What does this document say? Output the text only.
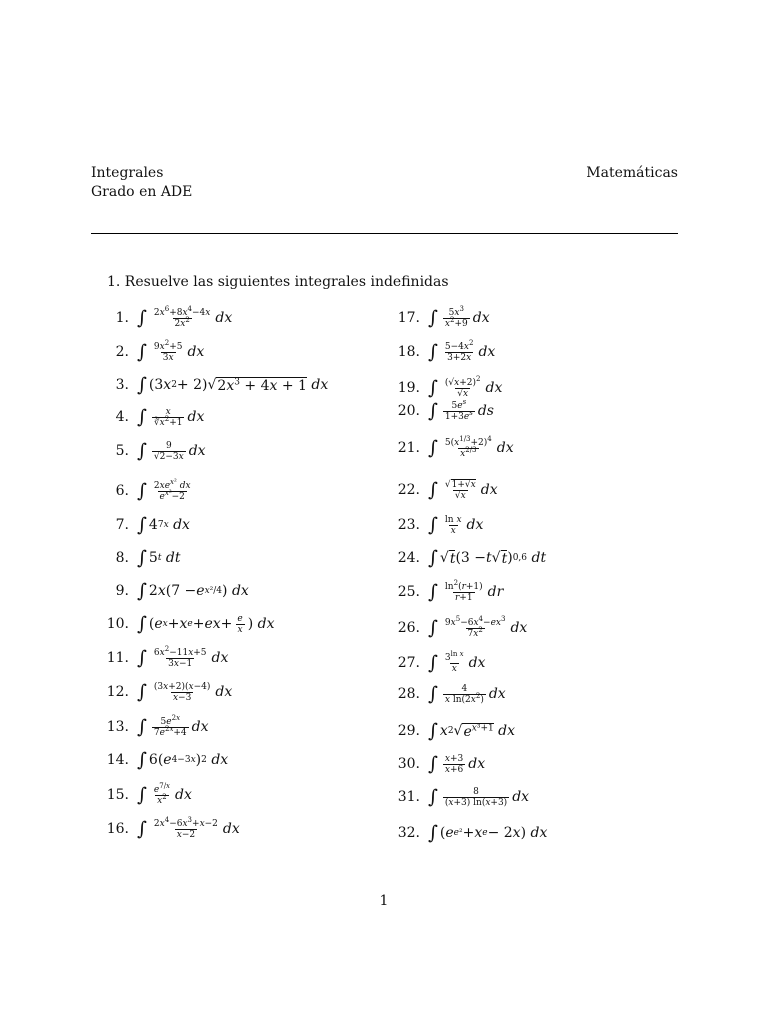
Integrales
Grado en ADE
Matemáticas
1. Resuelve las siguientes integrales indefinidas
1. ∫ $\frac{2x^6+8x^4-4x}{2x^2}$ dx
2. ∫ $\frac{9x^2+5}{3x}$ dx
3. ∫ (3 x 2 + 2)√ $2x^3 + 4x + 1$
dx
4. ∫ $\frac{x}{∛x^2+1}$ dx
5. ∫ $\frac{9}{√2-3x}$ dx
6. ∫ $\frac{2xe^{x^2} dx}{e^{x^2}-2}$
7. ∫ 4 7x
dx
8. ∫ 5 t
dt
9. ∫ 2 x (7 − e x²/4 ) dx
10. ∫ ( e x + x e + ex + $\frac{e}{x}$ ) dx
11. ∫ $\frac{6x^2-11x+5}{3x-1}$ dx
12. ∫ $\frac{(3x+2)(x-4)}{x-3}$ dx
13. ∫ $\frac{5e^{2x}}{7e^{2x}+4}$ dx
14. ∫ 6( e 4−3x ) 2
dx
15. ∫ $\frac{e^{7/x}}{x^2}$ dx
16. ∫ $\frac{2x^4-6x^3+x-2}{x-2}$ dx
17. ∫ $\frac{5x^3}{x^2+9}$ dx
18. ∫ $\frac{5-4x^2}{3+2x}$ dx
19. ∫ $\frac{(√x+2)^2}{√x}$ dx
20. ∫ $\frac{5e^s}{1+3e^s}$ ds
21. ∫ $\frac{5(x^{1/3}+2)^4}{x^{2/3}}$ dx
22. ∫ $\frac{√1+√x}{√x}$ dx
23. ∫ $\frac{\text{ln x}}{x}$ dx
24. ∫ √ t (3 − t √ t ) 0,6
dt
25. ∫ $\frac{\ln^2(r+1)}{r+1}$ dr
26. ∫ $\frac{9x^5-6x^4-ex^3}{7x^2}$ dx
27. ∫ $\frac{3^{ln x}}{x}$ dx
28. ∫ $\frac{4}{x \ln(2x^2)}$ dx
29. ∫ x 2 √ $e^{x^3+1}$
dx
30. ∫ $\frac{x+3}{x+6}$ dx
31. ∫ $\frac{8}{(x+3) \ln(x+3)}$ dx
32. ∫ ( e e² + x e − 2 x ) dx
1
